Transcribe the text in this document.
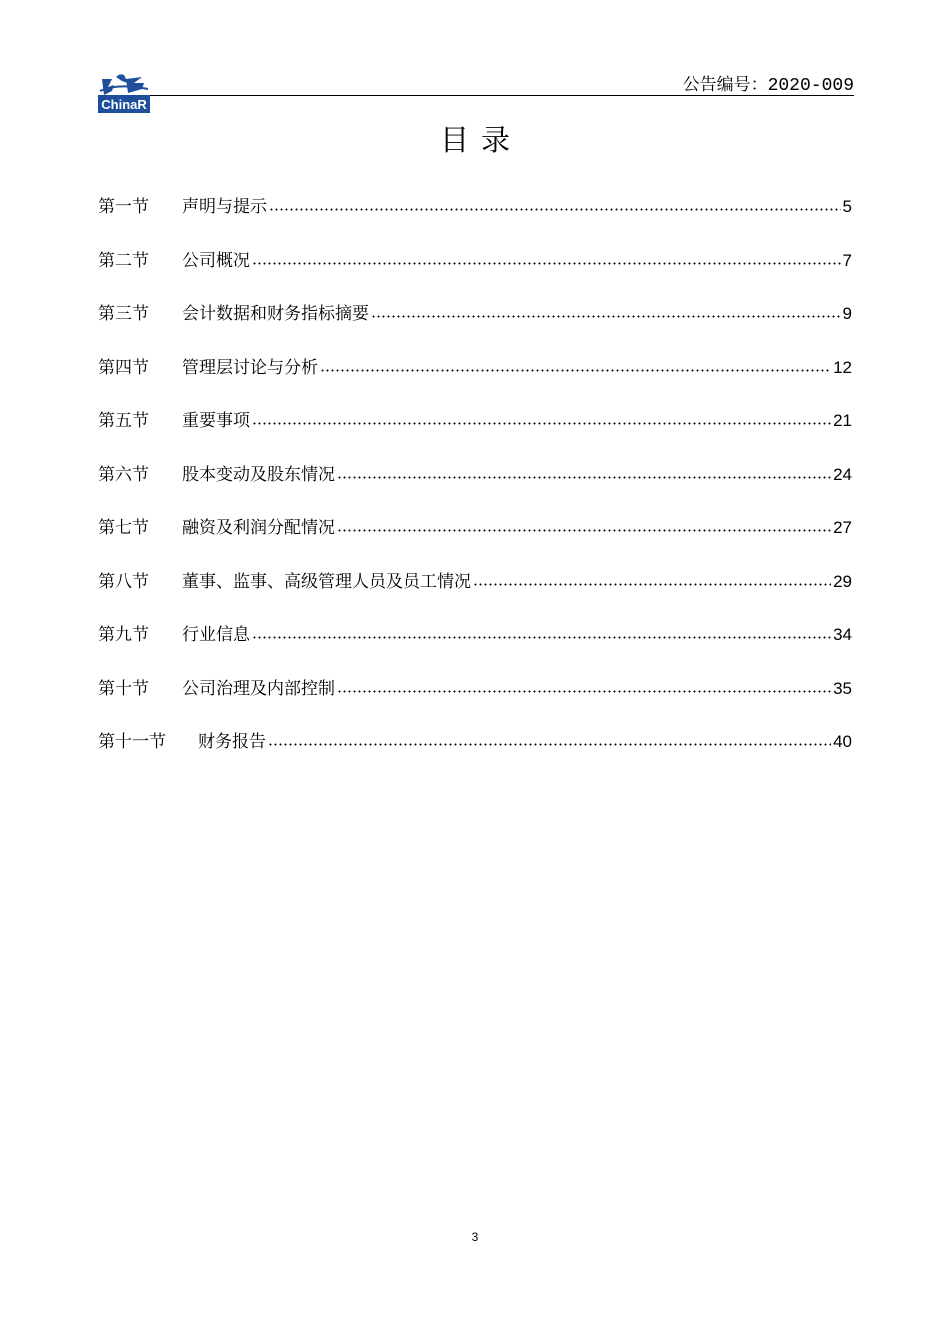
ChinaR
公告编号：2020-009
目录
第一节	声明与提示	5
第二节	公司概况	7
第三节	会计数据和财务指标摘要	9
第四节	管理层讨论与分析	12
第五节	重要事项	21
第六节	股本变动及股东情况	24
第七节	融资及利润分配情况	27
第八节	董事、监事、高级管理人员及员工情况	29
第九节	行业信息	34
第十节	公司治理及内部控制	35
第十一节	财务报告	40
3
